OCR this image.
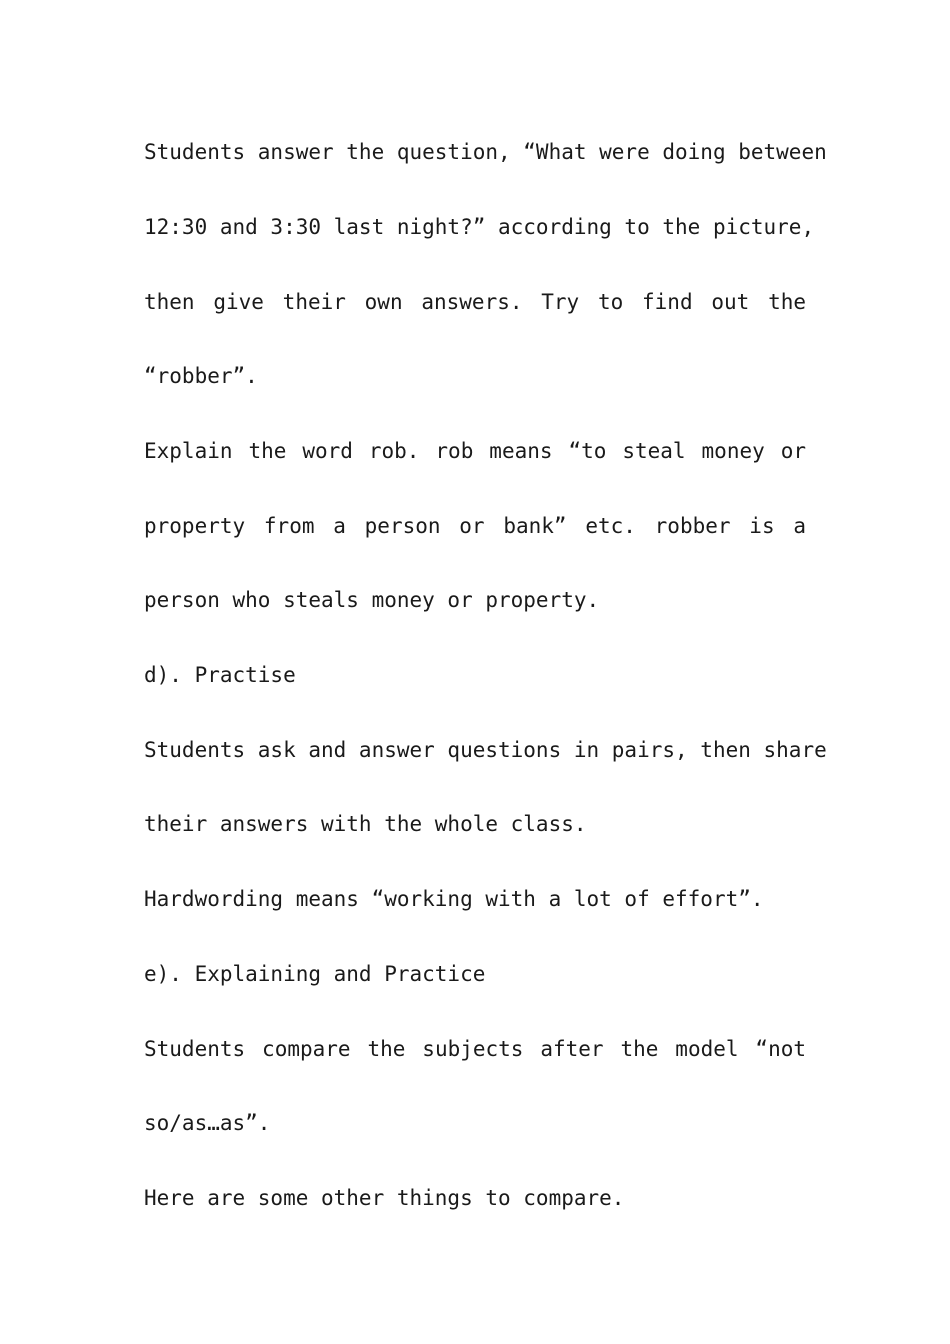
Students answer the question, “What were doing between
12:30 and 3:30 last night?” according to the picture,
then give their own answers. Try to find out the
“robber”.
Explain the word rob. rob means “to steal money or
property from a person or bank” etc. robber is a
person who steals money or property.
d). Practise
Students ask and answer questions in pairs, then share
their answers with the whole class.
Hardwording means “working with a lot of effort”.
e). Explaining and Practice
Students compare the subjects after the model “not
so/as…as”.
Here are some other things to compare.
